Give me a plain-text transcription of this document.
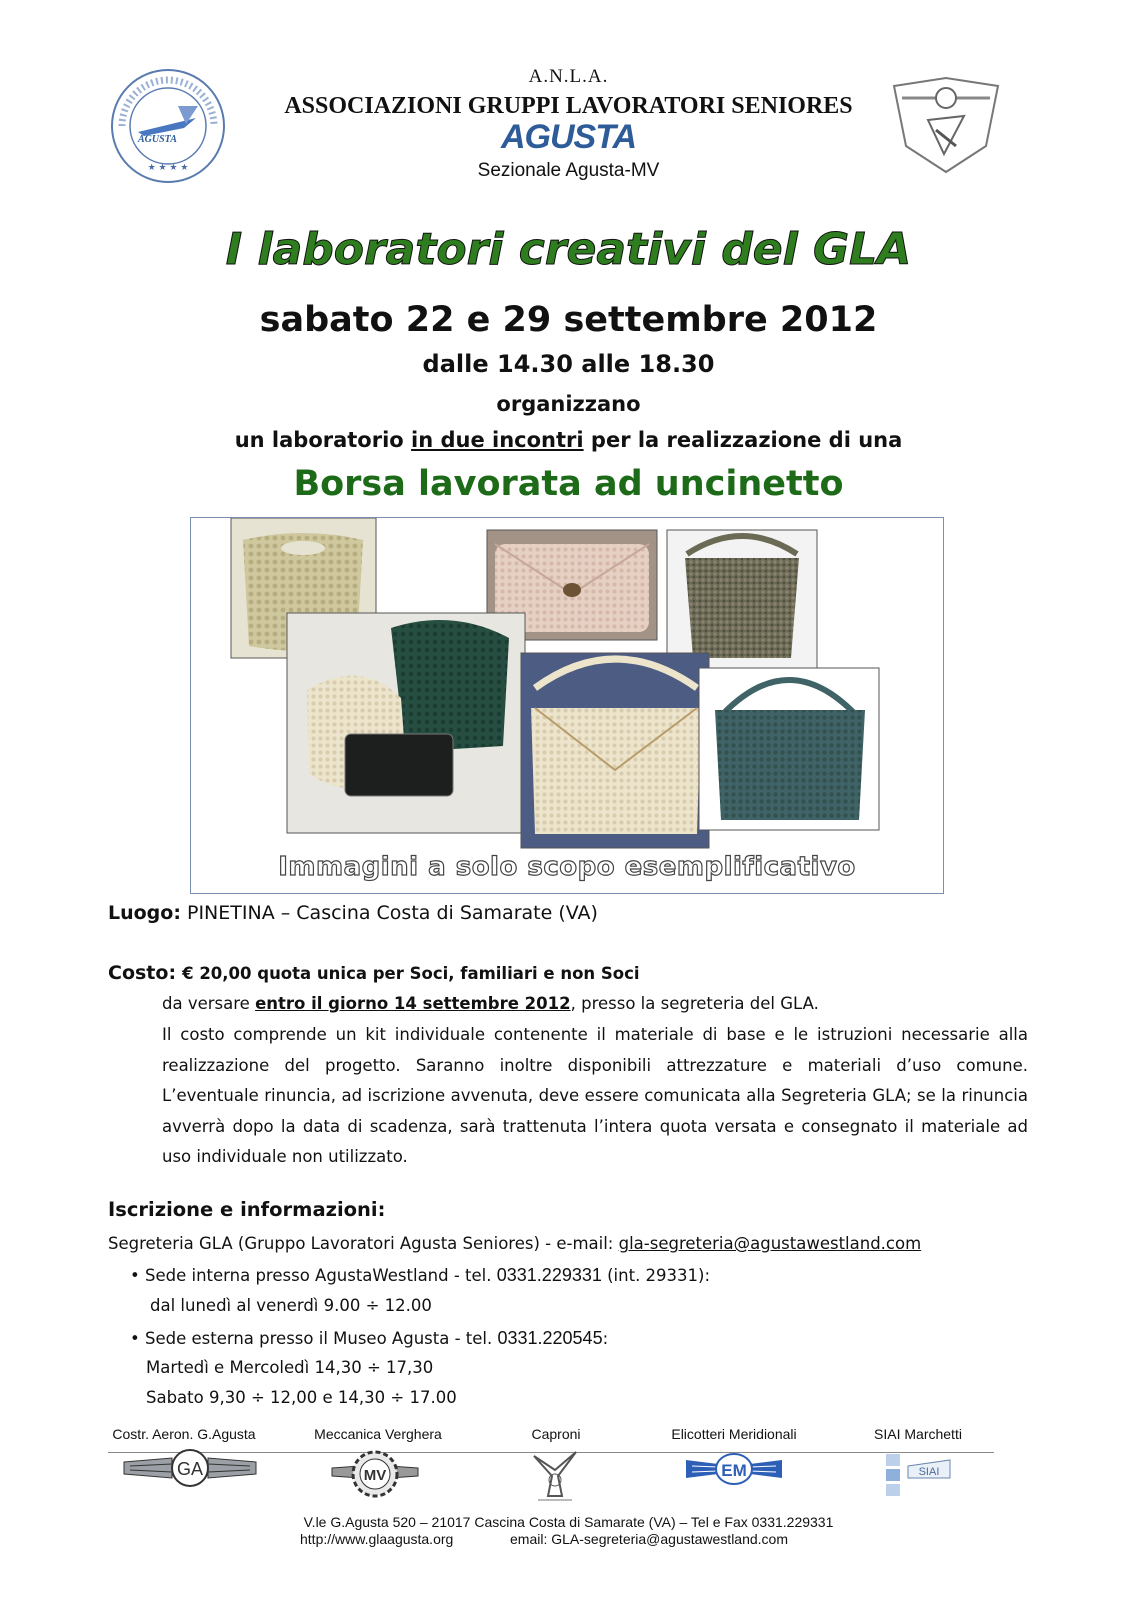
★ ★ ★ ★
AGUSTA
A.N.L.A.
ASSOCIAZIONI GRUPPI LAVORATORI SENIORES
AGUSTA
Sezionale Agusta-MV
I laboratori creativi del GLA
sabato 22 e 29 settembre 2012
dalle 14.30 alle 18.30
organizzano
un laboratorio in due incontri per la realizzazione di una
Borsa lavorata ad uncinetto
Immagini a solo scopo esemplificativo
Luogo: PINETINA – Cascina Costa di Samarate (VA)
Costo: € 20,00 quota unica per Soci, familiari e non Soci
da versare entro il giorno 14 settembre 2012, presso la segreteria del GLA.
Il costo comprende un kit individuale contenente il materiale di base e le istruzioni necessarie alla realizzazione del progetto. Saranno inoltre disponibili attrezzature e materiali d’uso comune. L’eventuale rinuncia, ad iscrizione avvenuta, deve essere comunicata alla Segreteria GLA; se la rinuncia avverrà dopo la data di scadenza, sarà trattenuta l’intera quota versata e consegnato il materiale ad uso individuale non utilizzato.
Iscrizione e informazioni:
Segreteria GLA (Gruppo Lavoratori Agusta Seniores) - e-mail: gla-segreteria@agustawestland.com
• Sede interna presso AgustaWestland - tel. 0331.229331 (int. 29331):
dal lunedì al venerdì 9.00 ÷ 12.00
• Sede esterna presso il Museo Agusta - tel. 0331.220545:
Martedì e Mercoledì 14,30 ÷ 17,30
Sabato 9,30 ÷ 12,00 e 14,30 ÷ 17.00
Costr. Aeron. G.Agusta	Meccanica Verghera	Caproni	Elicotteri Meridionali	SIAI Marchetti
GA	MV	EM	SIAI
V.le G.Agusta 520 – 21017 Cascina Costa di Samarate (VA) – Tel e Fax 0331.229331
http://www.glaagusta.org	email: GLA-segreteria@agustawestland.com
